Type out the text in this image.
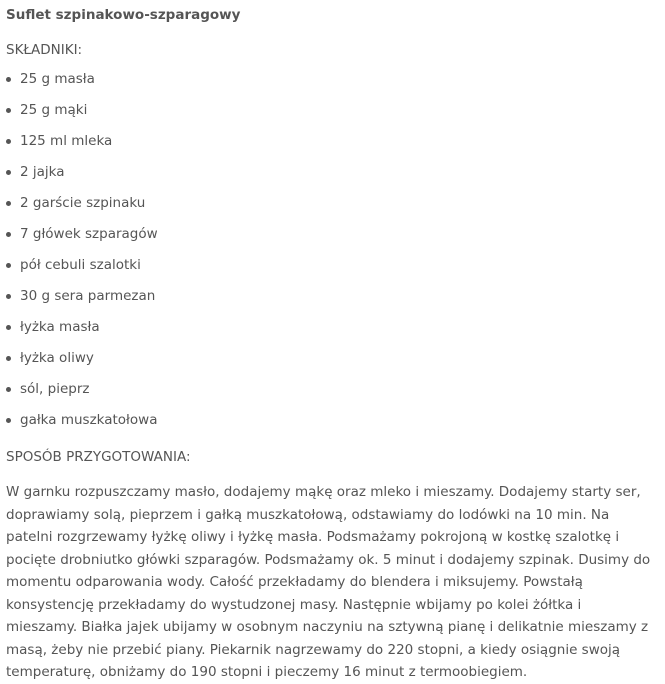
Suflet szpinakowo-szparagowy
SKŁADNIKI:
25 g masła
25 g mąki
125 ml mleka
2 jajka
2 garście szpinaku
7 główek szparagów
pół cebuli szalotki
30 g sera parmezan
łyżka masła
łyżka oliwy
sól, pieprz
gałka muszkatołowa
SPOSÓB PRZYGOTOWANIA:

W garnku rozpuszczamy masło, dodajemy mąkę oraz mleko i mieszamy. Dodajemy starty ser, doprawiamy solą, pieprzem i gałką muszkatołową, odstawiamy do lodówki na 10 min. Na patelni rozgrzewamy łyżkę oliwy i łyżkę masła. Podsmażamy pokrojoną w kostkę szalotkę i pocięte drobniutko główki szparagów. Podsmażamy ok. 5 minut i dodajemy szpinak. Dusimy do momentu odparowania wody. Całość przekładamy do blendera i miksujemy. Powstałą konsystencję przekładamy do wystudzonej masy. Następnie wbijamy po kolei żółtka i mieszamy. Białka jajek ubijamy w osobnym naczyniu na sztywną pianę i delikatnie mieszamy z masą, żeby nie przebić piany. Piekarnik nagrzewamy do 220 stopni, a kiedy osiągnie swoją temperaturę, obniżamy do 190 stopni i pieczemy 16 minut z termoobiegiem.
